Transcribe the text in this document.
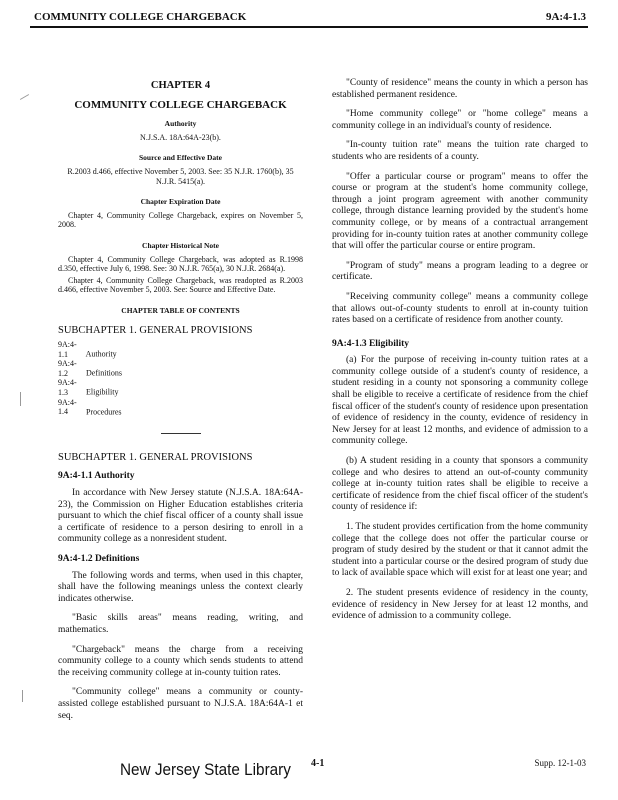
COMMUNITY COLLEGE CHARGEBACK	9A:4-1.3
CHAPTER 4
COMMUNITY COLLEGE CHARGEBACK
Authority
N.J.S.A. 18A:64A-23(b).
Source and Effective Date
R.2003 d.466, effective November 5, 2003. See: 35 N.J.R. 1760(b), 35 N.J.R. 5415(a).
Chapter Expiration Date
Chapter 4, Community College Chargeback, expires on November 5, 2008.
Chapter Historical Note
Chapter 4, Community College Chargeback, was adopted as R.1998 d.350, effective July 6, 1998. See: 30 N.J.R. 765(a), 30 N.J.R. 2684(a).
Chapter 4, Community College Chargeback, was readopted as R.2003 d.466, effective November 5, 2003. See: Source and Effective Date.
CHAPTER TABLE OF CONTENTS
SUBCHAPTER 1. GENERAL PROVISIONS
9A:4-1.1 Authority
9A:4-1.2 Definitions
9A:4-1.3 Eligibility
9A:4-1.4 Procedures
SUBCHAPTER 1. GENERAL PROVISIONS
9A:4-1.1 Authority

In accordance with New Jersey statute (N.J.S.A. 18A:64A-23), the Commission on Higher Education establishes criteria pursuant to which the chief fiscal officer of a county shall issue a certificate of residence to a person desiring to enroll in a community college as a nonresident student.

9A:4-1.2 Definitions

The following words and terms, when used in this chapter, shall have the following meanings unless the context clearly indicates otherwise.

"Basic skills areas" means reading, writing, and mathematics.

"Chargeback" means the charge from a receiving community college to a county which sends students to attend the receiving community college at in-county tuition rates.

"Community college" means a community or county-assisted college established pursuant to N.J.S.A. 18A:64A-1 et seq.

"County of residence" means the county in which a person has established permanent residence.

"Home community college" or "home college" means a community college in an individual's county of residence.

"In-county tuition rate" means the tuition rate charged to students who are residents of a county.

"Offer a particular course or program" means to offer the course or program at the student's home community college, through a joint program agreement with another community college, through distance learning provided by the student's home community college, or by means of a contractual arrangement providing for in-county tuition rates at another community college that will offer the particular course or entire program.

"Program of study" means a program leading to a degree or certificate.

"Receiving community college" means a community college that allows out-of-county students to enroll at in-county tuition rates based on a certificate of residence from another county.

9A:4-1.3 Eligibility

(a) For the purpose of receiving in-county tuition rates at a community college outside of a student's county of residence, a student residing in a county not sponsoring a community college shall be eligible to receive a certificate of residence from the chief fiscal officer of the student's county of residence upon presentation of evidence of residency in the county, evidence of residency in New Jersey for at least 12 months, and evidence of admission to a community college.

(b) A student residing in a county that sponsors a community college and who desires to attend an out-of-county community college at in-county tuition rates shall be eligible to receive a certificate of residence from the chief fiscal officer of the student's county of residence if:

1. The student provides certification from the home community college that the college does not offer the particular course or program of study desired by the student or that it cannot admit the student into a particular course or the desired program of study due to lack of available space which will exist for at least one year; and

2. The student presents evidence of residency in the county, evidence of residency in New Jersey for at least 12 months, and evidence of admission to a community college.

New Jersey State Library 4-1	Supp. 12-1-03
